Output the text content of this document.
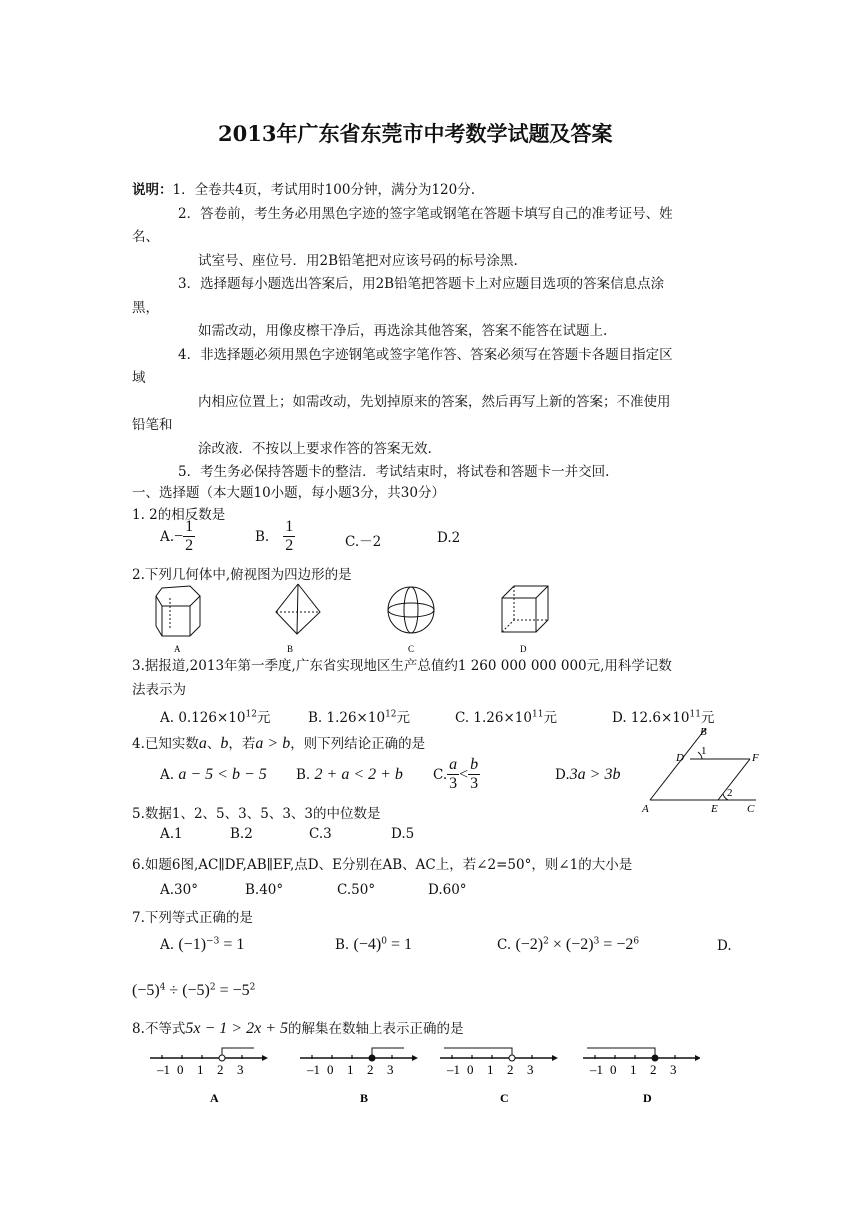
2013年广东省东莞市中考数学试题及答案
说明：1．全卷共4页，考试用时100分钟，满分为120分.
2．答卷前，考生务必用黑色字迹的签字笔或钢笔在答题卡填写自己的准考证号、姓
名、
试室号、座位号．用2B铅笔把对应该号码的标号涂黑.
3．选择题每小题选出答案后，用2B铅笔把答题卡上对应题目选项的答案信息点涂
黑，
如需改动，用像皮檫干净后，再选涂其他答案，答案不能答在试题上.
4．非选择题必须用黑色字迹钢笔或签字笔作答、答案必须写在答题卡各题目指定区
域
内相应位置上；如需改动，先划掉原来的答案，然后再写上新的答案；不准使用
铅笔和
涂改液．不按以上要求作答的答案无效.
5．考生务必保持答题卡的整洁．考试结束时，将试卷和答题卡一并交回.
一、选择题（本大题10小题，每小题3分，共30分）
1. 2的相反数是
$A.- \frac{1}{2}$	B. $\frac{1}{2}$	C.－2	D.2
2.下列几何体中,俯视图为四边形的是
A	B	C	D
3.据报道,2013年第一季度,广东省实现地区生产总值约1 260 000 000 000元,用科学记数
法表示为
A. $0.126\times 10^{12}$元	B. $1.26\times 10^{12}$元	C. $1.26\times 10^{11}$元	D. $12.6\times 10^{11}$元
4.已知实数a、b，若a > b，则下列结论正确的是
A. a − 5 < b − 5 B. 2 + a < 2 + b C. $\frac{a}{3} < \frac{b}{3}$	D.3a > 3b
B
D
1
F
2
A	E	C
5.数据1、2、5、3、5、3、3的中位数是
A.1	B.2	C.3	D.5
6.如题6图,AC∥DF,AB∥EF,点D、E分别在AB、AC上，若∠2=50°，则∠1的大小是
A.30°	B.40°	C.50°	D.60°
7.下列等式正确的是
A. $(-1)^{-3} = 1$	B. $(-4)^0 = 1$	C. $(-2)^2 \times (-2)^3 = -2^6$	D.
$(-5)^4 \div (-5)^2 = -5^2$
8.不等式5x − 1 > 2x + 5的解集在数轴上表示正确的是
–1 0 1 2 3
A
–1 0 1 2 3
B
–1 0 1 2 3
C
–1 0 1 2 3
D
